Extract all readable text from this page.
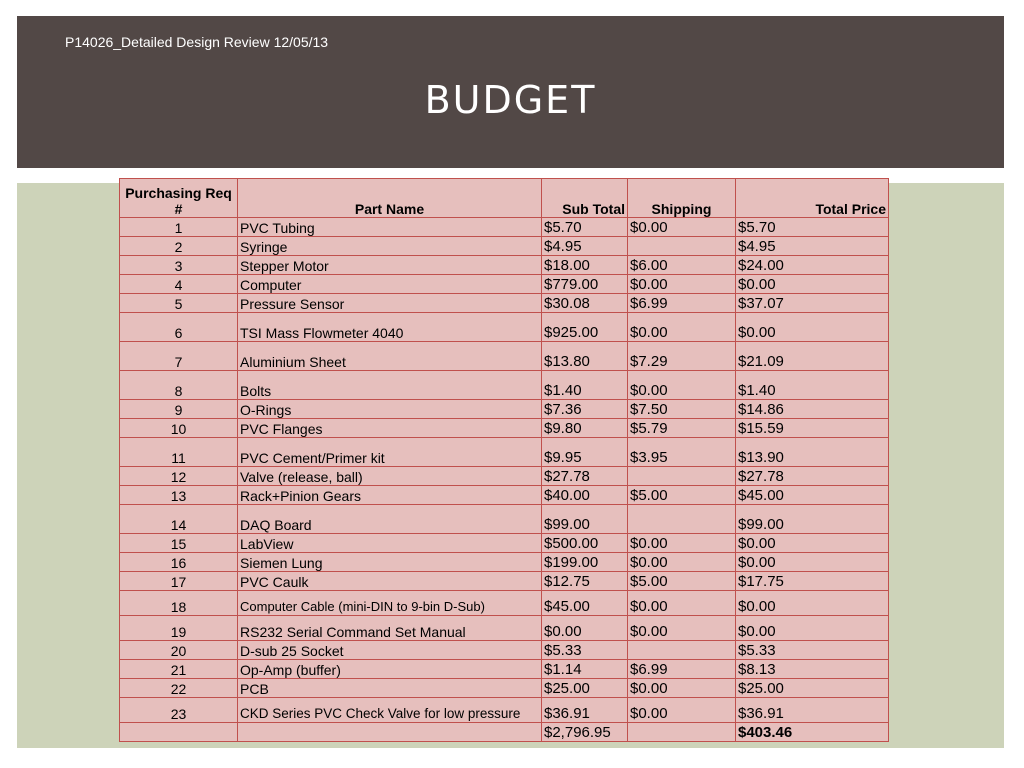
P14026_Detailed Design Review 12/05/13
BUDGET
Purchasing Req
#	Part Name	Sub Total	Shipping	Total Price
1	PVC Tubing	$5.70	$0.00	$5.70
2	Syringe	$4.95		$4.95
3	Stepper Motor	$18.00	$6.00	$24.00
4	Computer	$779.00	$0.00	$0.00
5	Pressure Sensor	$30.08	$6.99	$37.07
6	TSI Mass Flowmeter 4040	$925.00	$0.00	$0.00
7	Aluminium Sheet	$13.80	$7.29	$21.09
8	Bolts	$1.40	$0.00	$1.40
9	O-Rings	$7.36	$7.50	$14.86
10	PVC Flanges	$9.80	$5.79	$15.59
11	PVC Cement/Primer kit	$9.95	$3.95	$13.90
12	Valve (release, ball)	$27.78		$27.78
13	Rack+Pinion Gears	$40.00	$5.00	$45.00
14	DAQ Board	$99.00		$99.00
15	LabView	$500.00	$0.00	$0.00
16	Siemen Lung	$199.00	$0.00	$0.00
17	PVC Caulk	$12.75	$5.00	$17.75
18	Computer Cable (mini-DIN to 9-bin D-Sub)	$45.00	$0.00	$0.00
19	RS232 Serial Command Set Manual	$0.00	$0.00	$0.00
20	D-sub 25 Socket	$5.33		$5.33
21	Op-Amp (buffer)	$1.14	$6.99	$8.13
22	PCB	$25.00	$0.00	$25.00
23	CKD Series PVC Check Valve for low pressure	$36.91	$0.00	$36.91
		$2,796.95		$403.46
